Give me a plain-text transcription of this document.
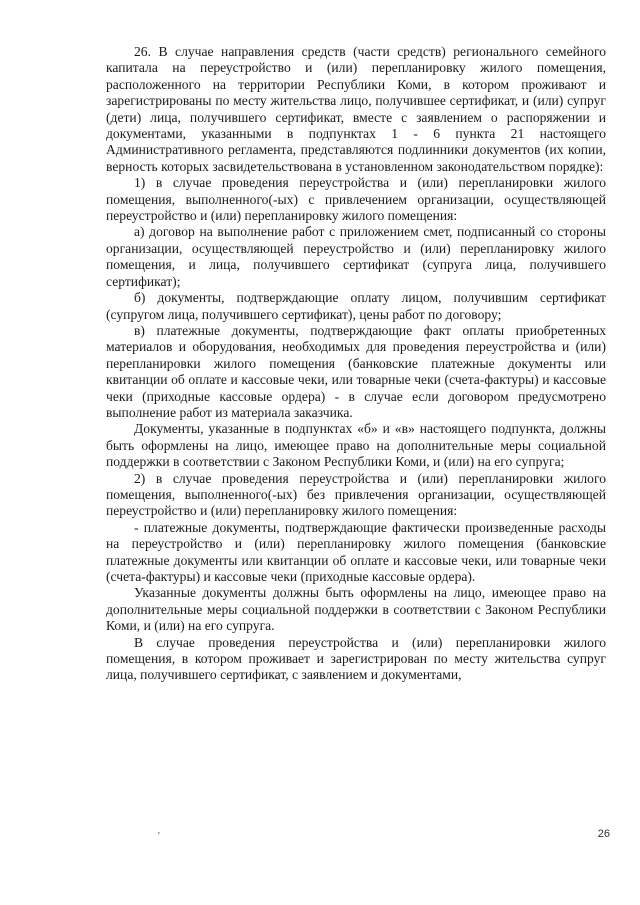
26. В случае направления средств (части средств) регионального семейного капитала на переустройство и (или) перепланировку жилого помещения, расположенного на территории Республики Коми, в котором проживают и зарегистрированы по месту жительства лицо, получившее сертификат, и (или) супруг (дети) лица, получившего сертификат, вместе с заявлением о распоряжении и документами, указанными в подпунктах 1 - 6 пункта 21 настоящего Административного регламента, представляются подлинники документов (их копии, верность которых засвидетельствована в установленном законодательством порядке):

1) в случае проведения переустройства и (или) перепланировки жилого помещения, выполненного(-ых) с привлечением организации, осуществляющей переустройство и (или) перепланировку жилого помещения:

а) договор на выполнение работ с приложением смет, подписанный со стороны организации, осуществляющей переустройство и (или) перепланировку жилого помещения, и лица, получившего сертификат (супруга лица, получившего сертификат);

б) документы, подтверждающие оплату лицом, получившим сертификат (супругом лица, получившего сертификат), цены работ по договору;

в) платежные документы, подтверждающие факт оплаты приобретенных материалов и оборудования, необходимых для проведения переустройства и (или) перепланировки жилого помещения (банковские платежные документы или квитанции об оплате и кассовые чеки, или товарные чеки (счета-фактуры) и кассовые чеки (приходные кассовые ордера) - в случае если договором предусмотрено выполнение работ из материала заказчика.

Документы, указанные в подпунктах «б» и «в» настоящего подпункта, должны быть оформлены на лицо, имеющее право на дополнительные меры социальной поддержки в соответствии с Законом Республики Коми, и (или) на его супруга;

2) в случае проведения переустройства и (или) перепланировки жилого помещения, выполненного(-ых) без привлечения организации, осуществляющей переустройство и (или) перепланировку жилого помещения:

- платежные документы, подтверждающие фактически произведенные расходы на переустройство и (или) перепланировку жилого помещения (банковские платежные документы или квитанции об оплате и кассовые чеки, или товарные чеки (счета-фактуры) и кассовые чеки (приходные кассовые ордера).

Указанные документы должны быть оформлены на лицо, имеющее право на дополнительные меры социальной поддержки в соответствии с Законом Республики Коми, и (или) на его супруга.

В случае проведения переустройства и (или) перепланировки жилого помещения, в котором проживает и зарегистрирован по месту жительства супруг лица, получившего сертификат, с заявлением и документами,

'	26
